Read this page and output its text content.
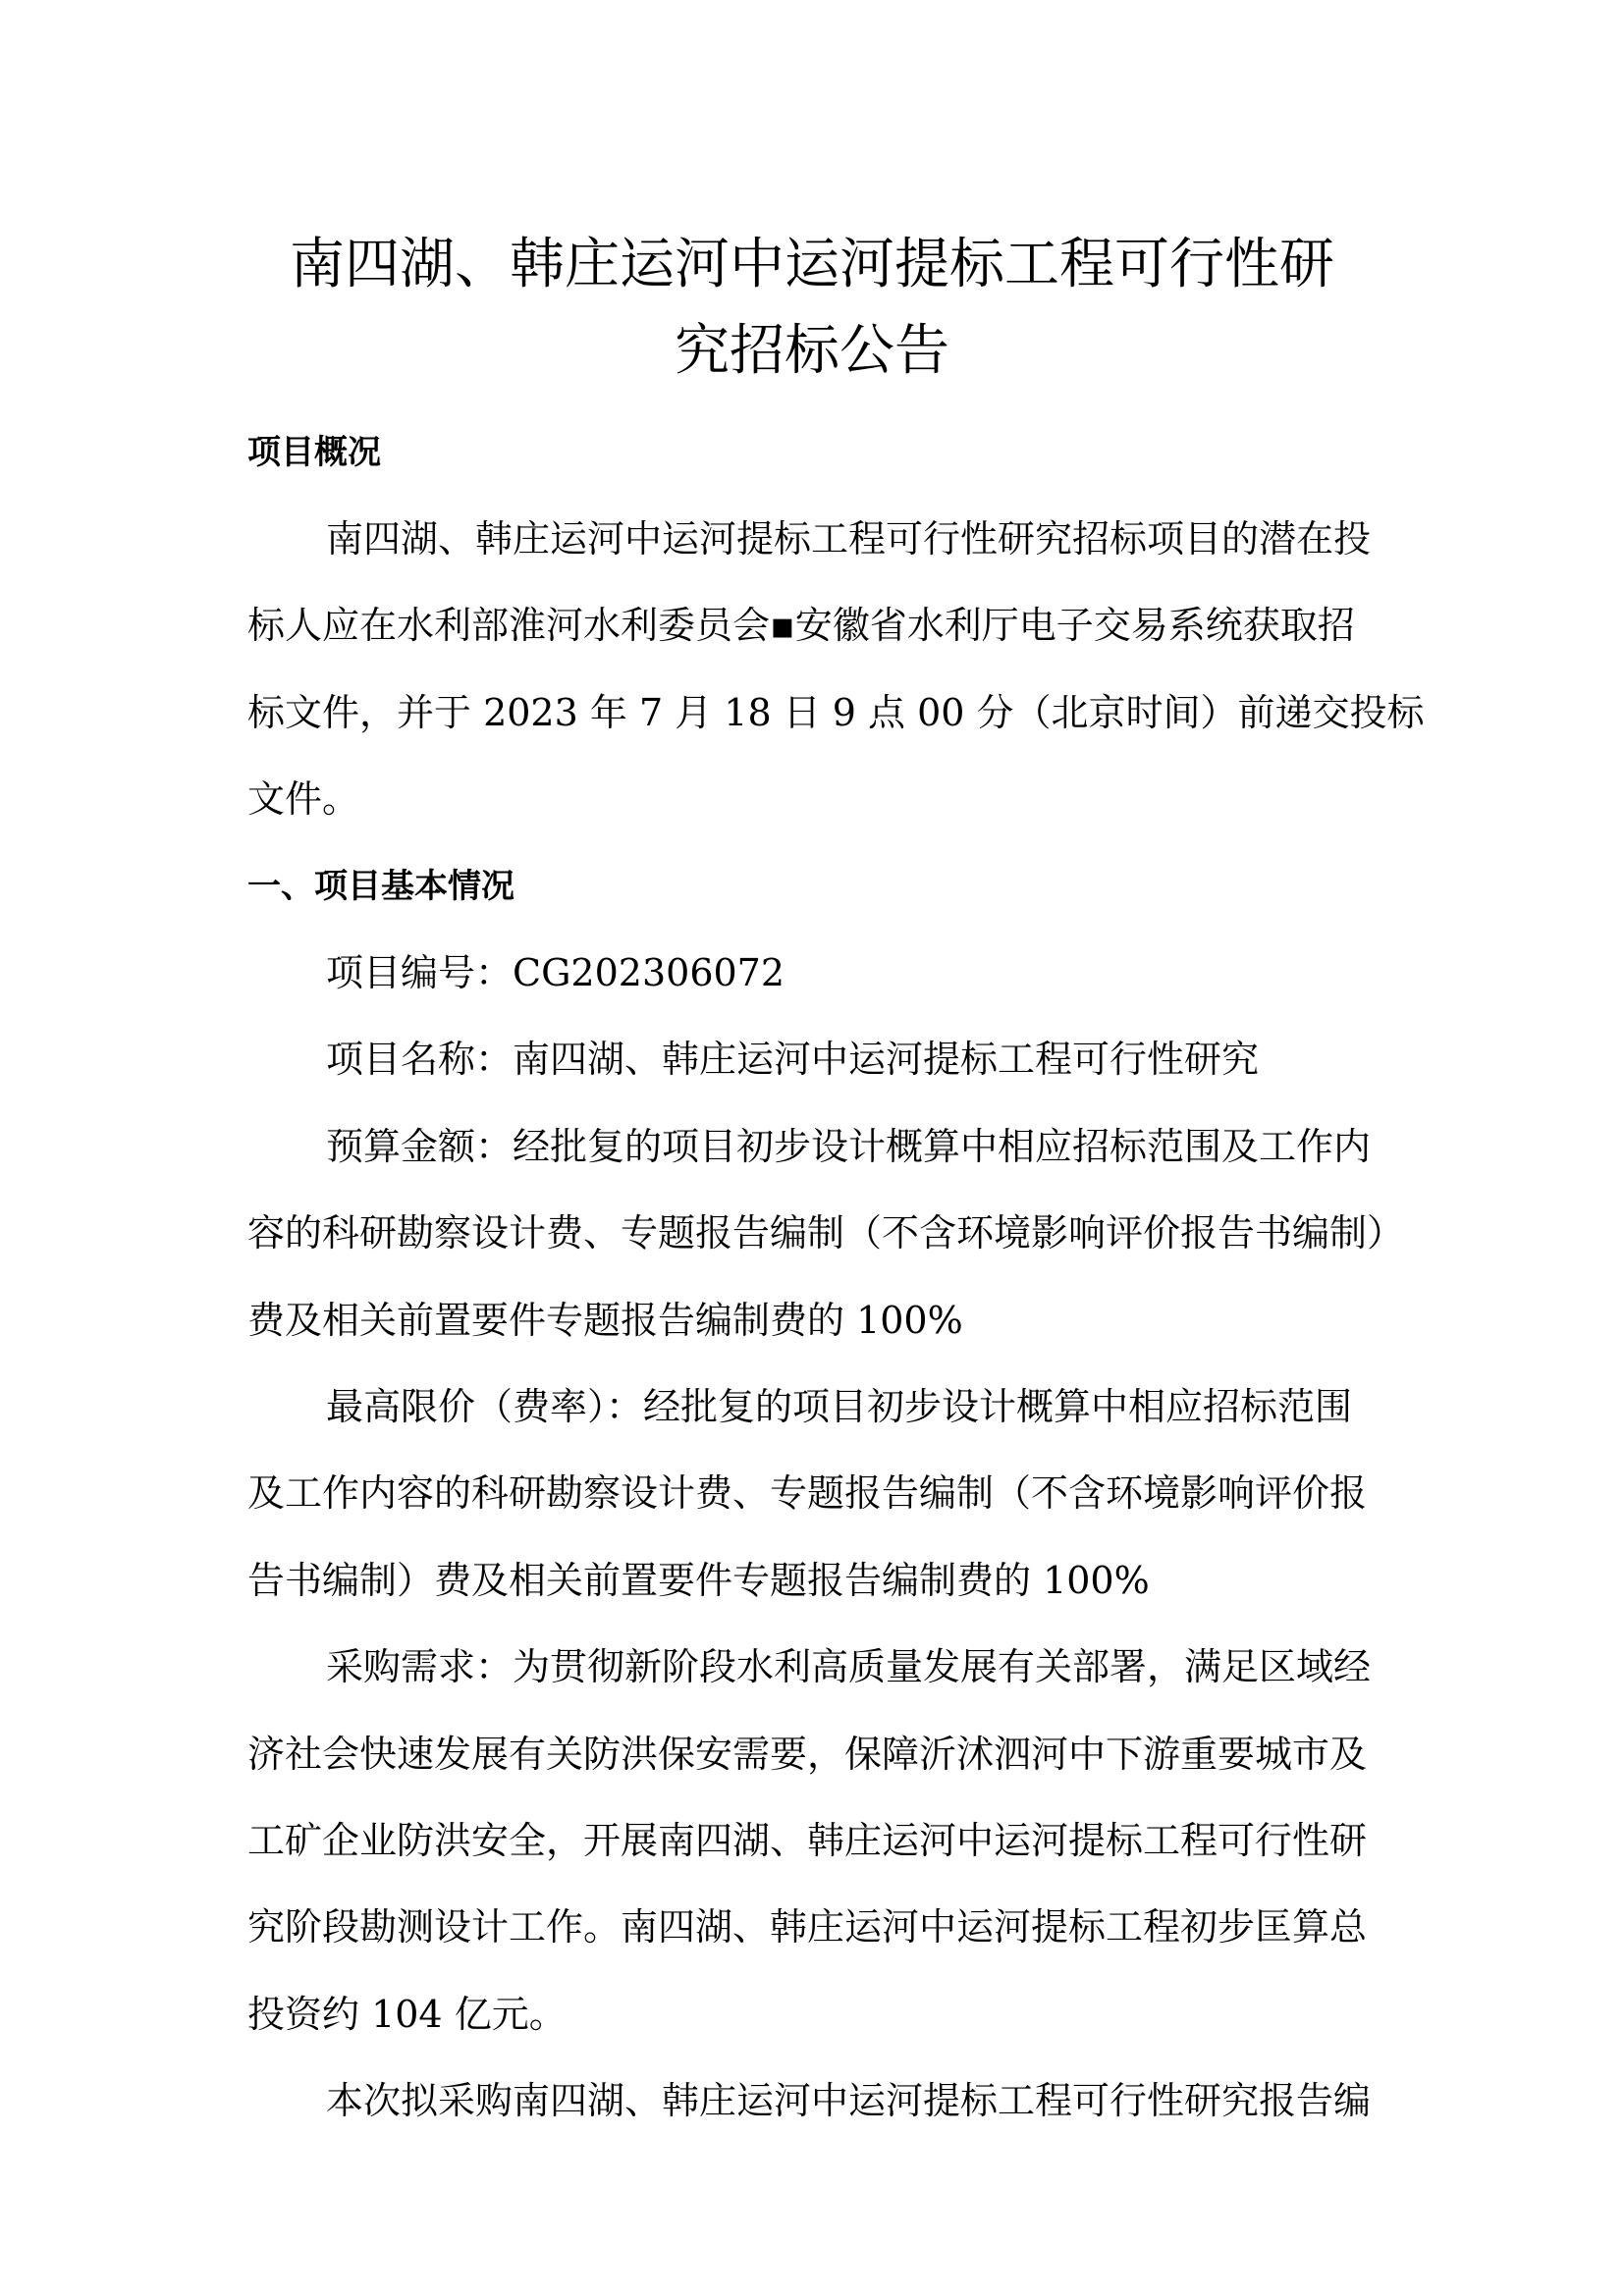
南四湖、韩庄运河中运河提标工程可行性研
究招标公告
项目概况
南四湖、韩庄运河中运河提标工程可行性研究招标项目的潜在投
标人应在水利部淮河水利委员会▪安徽省水利厅电子交易系统获取招
标文件，并于 2023 年 7 月 18 日 9 点 00 分（北京时间）前递交投标
文件。
一、项目基本情况
项目编号：CG202306072
项目名称：南四湖、韩庄运河中运河提标工程可行性研究
预算金额：经批复的项目初步设计概算中相应招标范围及工作内
容的科研勘察设计费、专题报告编制（不含环境影响评价报告书编制）
费及相关前置要件专题报告编制费的 100%
最高限价（费率）：经批复的项目初步设计概算中相应招标范围
及工作内容的科研勘察设计费、专题报告编制（不含环境影响评价报
告书编制）费及相关前置要件专题报告编制费的 100%
采购需求：为贯彻新阶段水利高质量发展有关部署，满足区域经
济社会快速发展有关防洪保安需要，保障沂沭泗河中下游重要城市及
工矿企业防洪安全，开展南四湖、韩庄运河中运河提标工程可行性研
究阶段勘测设计工作。南四湖、韩庄运河中运河提标工程初步匡算总
投资约 104 亿元。
本次拟采购南四湖、韩庄运河中运河提标工程可行性研究报告编
